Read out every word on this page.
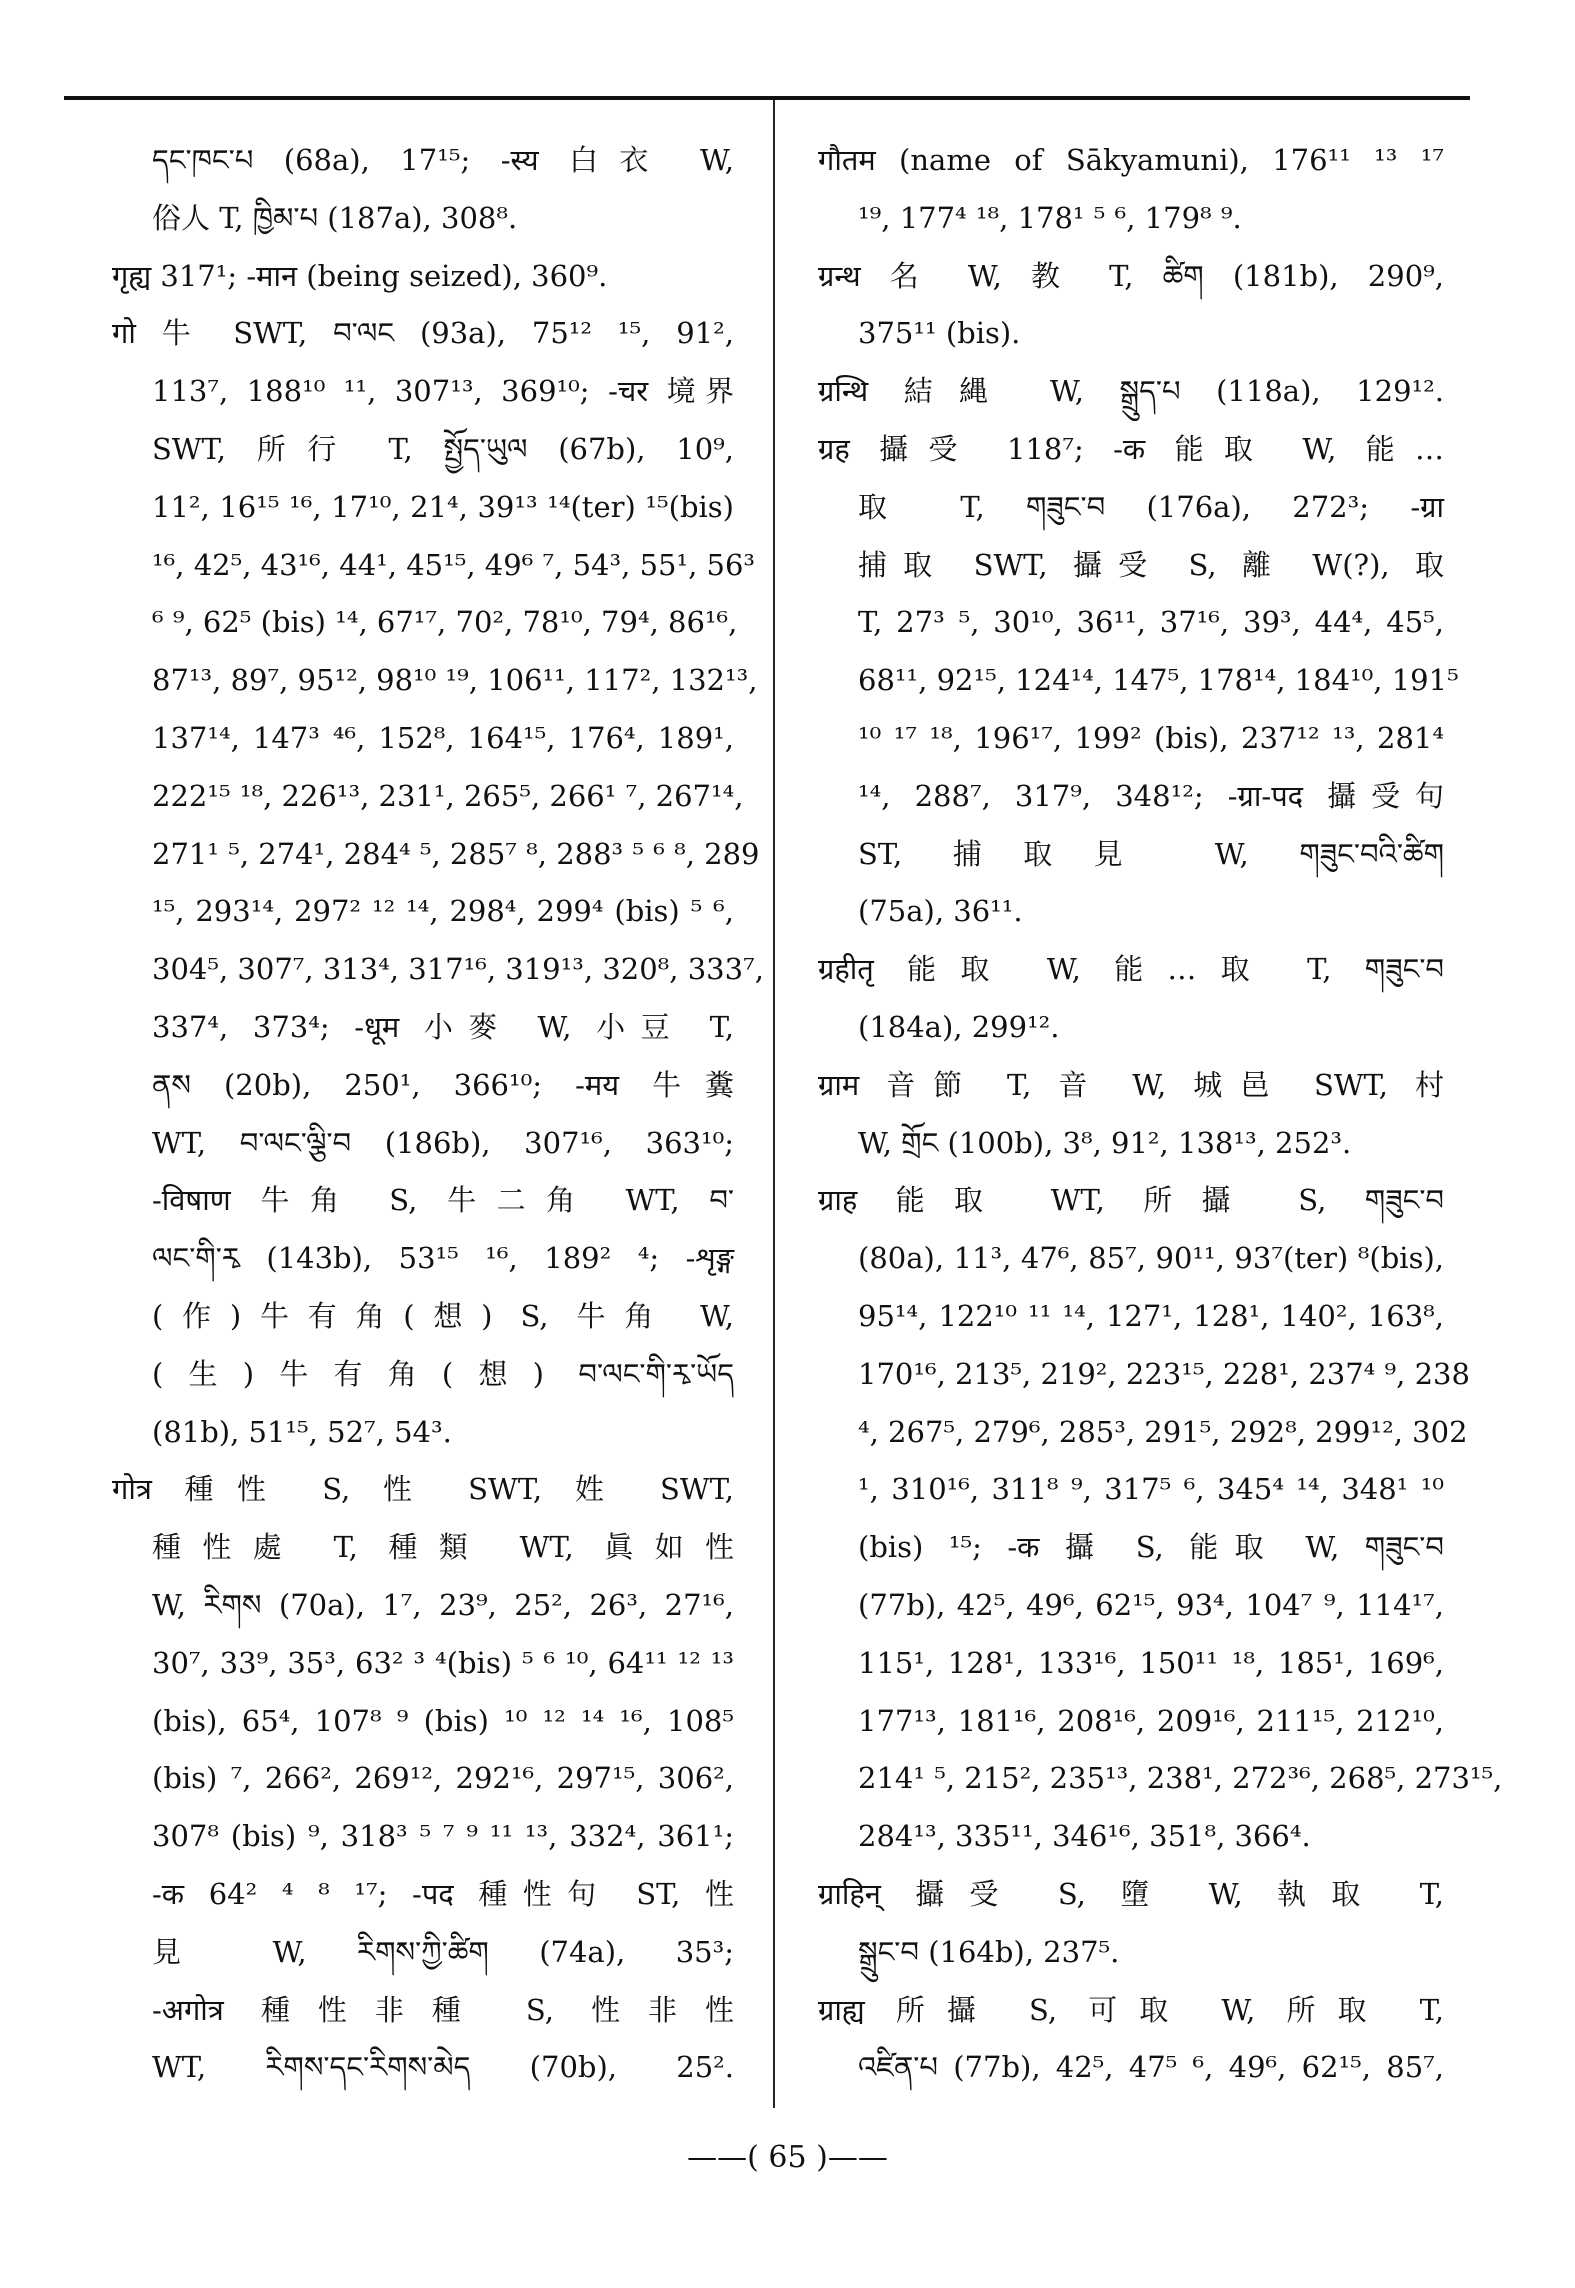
དང་ཁང་པ (68a), 17¹⁵; -स्य 白衣 W,
俗人 T, ཁྱིམ་པ (187a), 308⁸.
गृह्य 317¹; -मान (being seized), 360⁹.
गो 牛 SWT, བ་ལང (93a), 75¹² ¹⁵, 91²,
113⁷, 188¹⁰ ¹¹, 307¹³, 369¹⁰; -चर 境界
SWT, 所行 T, སྤྱོད་ཡུལ (67b), 10⁹,
11², 16¹⁵ ¹⁶, 17¹⁰, 21⁴, 39¹³ ¹⁴(ter) ¹⁵(bis)
¹⁶, 42⁵, 43¹⁶, 44¹, 45¹⁵, 49⁶ ⁷, 54³, 55¹, 56³
⁶ ⁹, 62⁵ (bis) ¹⁴, 67¹⁷, 70², 78¹⁰, 79⁴, 86¹⁶,
87¹³, 89⁷, 95¹², 98¹⁰ ¹⁹, 106¹¹, 117², 132¹³,
137¹⁴, 147³ ⁴⁶, 152⁸, 164¹⁵, 176⁴, 189¹,
222¹⁵ ¹⁸, 226¹³, 231¹, 265⁵, 266¹ ⁷, 267¹⁴,
271¹ ⁵, 274¹, 284⁴ ⁵, 285⁷ ⁸, 288³ ⁵ ⁶ ⁸, 289
¹⁵, 293¹⁴, 297² ¹² ¹⁴, 298⁴, 299⁴ (bis) ⁵ ⁶,
304⁵, 307⁷, 313⁴, 317¹⁶, 319¹³, 320⁸, 333⁷,
337⁴, 373⁴; -धूम 小麥 W, 小豆 T,
ནས (20b), 250¹, 366¹⁰; -मय 牛糞
WT, བ་ལང་ལྕི་བ (186b), 307¹⁶, 363¹⁰;
-विषाण 牛角 S, 牛二角 WT, བ་
ལང་གི་རྭ (143b), 53¹⁵ ¹⁶, 189² ⁴; -शृङ्ग
(作)牛有角(想) S, 牛角 W,
(生)牛有角(想) བ་ལང་གི་རྭ་ཡོད
(81b), 51¹⁵, 52⁷, 54³.
गोत्र 種性 S, 性 SWT, 姓 SWT,
種性處 T, 種類 WT, 眞如性
W, རིགས (70a), 1⁷, 23⁹, 25², 26³, 27¹⁶,
30⁷, 33⁹, 35³, 63² ³ ⁴(bis) ⁵ ⁶ ¹⁰, 64¹¹ ¹² ¹³
(bis), 65⁴, 107⁸ ⁹ (bis) ¹⁰ ¹² ¹⁴ ¹⁶, 108⁵
(bis) ⁷, 266², 269¹², 292¹⁶, 297¹⁵, 306²,
307⁸ (bis) ⁹, 318³ ⁵ ⁷ ⁹ ¹¹ ¹³, 332⁴, 361¹;
-क 64² ⁴ ⁸ ¹⁷; -पद 種性句 ST, 性
見 W, རིགས་ཀྱི་ཚིག (74a), 35³;
-अगोत्र 種性非種 S, 性非性
WT, རིགས་དང་རིགས་མེད (70b), 25².
गौतम (name of Sākyamuni), 176¹¹ ¹³ ¹⁷
¹⁹, 177⁴ ¹⁸, 178¹ ⁵ ⁶, 179⁸ ⁹.
ग्रन्थ 名 W, 教 T, ཚིག (181b), 290⁹,
375¹¹ (bis).
ग्रन्थि 結縄 W, སྒྲུད་པ (118a), 129¹².
ग्रह 攝受 118⁷; -क 能取 W, 能…
取 T, གཟུང་བ (176a), 272³; -ग्रा
捕取 SWT, 攝受 S, 離 W(?), 取
T, 27³ ⁵, 30¹⁰, 36¹¹, 37¹⁶, 39³, 44⁴, 45⁵,
68¹¹, 92¹⁵, 124¹⁴, 147⁵, 178¹⁴, 184¹⁰, 191⁵
¹⁰ ¹⁷ ¹⁸, 196¹⁷, 199² (bis), 237¹² ¹³, 281⁴
¹⁴, 288⁷, 317⁹, 348¹²; -ग्रा-पद 攝受句
ST, 捕取見 W, གཟུང་བའི་ཚིག
(75a), 36¹¹.
ग्रहीतृ 能取 W, 能…取 T, གཟུང་བ
(184a), 299¹².
ग्राम 音節 T, 音 W, 城邑 SWT, 村
W, གྲོང (100b), 3⁸, 91², 138¹³, 252³.
ग्राह 能取 WT, 所攝 S, གཟུང་བ
(80a), 11³, 47⁶, 85⁷, 90¹¹, 93⁷(ter) ⁸(bis),
95¹⁴, 122¹⁰ ¹¹ ¹⁴, 127¹, 128¹, 140², 163⁸,
170¹⁶, 213⁵, 219², 223¹⁵, 228¹, 237⁴ ⁹, 238
⁴, 267⁵, 279⁶, 285³, 291⁵, 292⁸, 299¹², 302
¹, 310¹⁶, 311⁸ ⁹, 317⁵ ⁶, 345⁴ ¹⁴, 348¹ ¹⁰
(bis) ¹⁵; -क 攝 S, 能取 W, གཟུང་བ
(77b), 42⁵, 49⁶, 62¹⁵, 93⁴, 104⁷ ⁹, 114¹⁷,
115¹, 128¹, 133¹⁶, 150¹¹ ¹⁸, 185¹, 169⁶,
177¹³, 181¹⁶, 208¹⁶, 209¹⁶, 211¹⁵, 212¹⁰,
214¹ ⁵, 215², 235¹³, 238¹, 272³⁶, 268⁵, 273¹⁵,
284¹³, 335¹¹, 346¹⁶, 351⁸, 366⁴.
ग्राहिन् 攝受 S, 墮 W, 執取 T,
སྒྲུང་བ (164b), 237⁵.
ग्राह्य 所攝 S, 可取 W, 所取 T,
འཛིན་པ (77b), 42⁵, 47⁵ ⁶, 49⁶, 62¹⁵, 85⁷,
——( 65 )——
